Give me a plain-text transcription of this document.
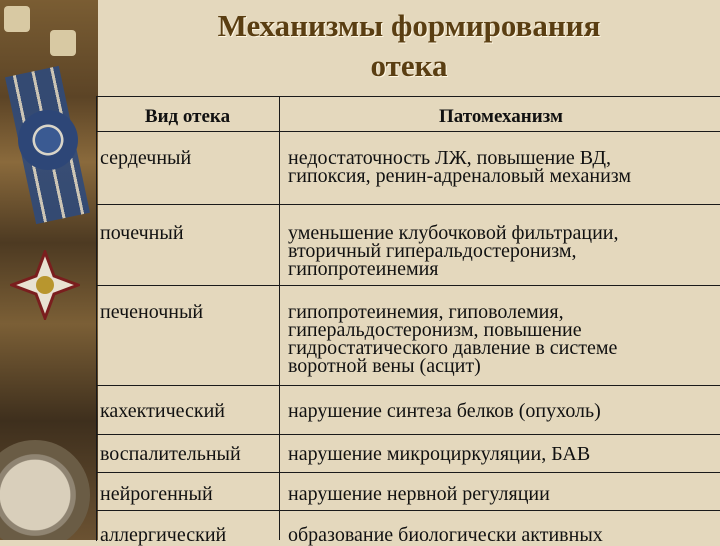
Механизмы формирования
отека
Вид отека	Патомеханизм
сердечный	недостаточность ЛЖ, повышение ВД,
гипоксия, ренин-адреналовый механизм
почечный	уменьшение клубочковой фильтрации,
вторичный гиперальдостеронизм,
гипопротеинемия
печеночный	гипопротеинемия, гиповолемия,
гиперальдостеронизм, повышение
гидростатического давление в системе
воротной вены (асцит)
кахектический	нарушение синтеза белков (опухоль)
воспалительный нарушение микроциркуляции, БАВ
нейрогенный	нарушение нервной регуляции
аллергический	образование биологически активных
